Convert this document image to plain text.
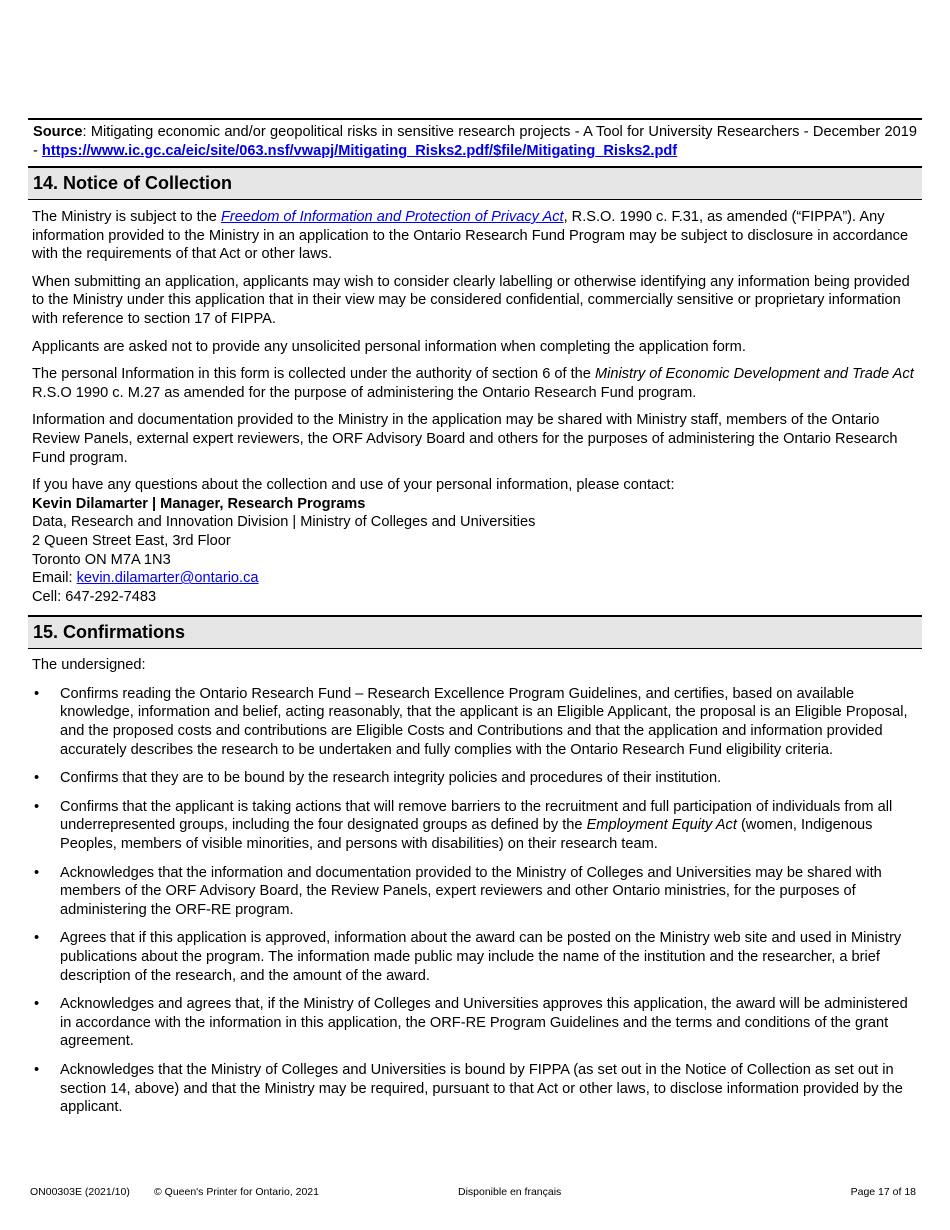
Source: Mitigating economic and/or geopolitical risks in sensitive research projects - A Tool for University Researchers - December 2019 - https://www.ic.gc.ca/eic/site/063.nsf/vwapj/Mitigating_Risks2.pdf/$file/Mitigating_Risks2.pdf
14. Notice of Collection
The Ministry is subject to the Freedom of Information and Protection of Privacy Act, R.S.O. 1990 c. F.31, as amended (“FIPPA”). Any information provided to the Ministry in an application to the Ontario Research Fund Program may be subject to disclosure in accordance with the requirements of that Act or other laws.
When submitting an application, applicants may wish to consider clearly labelling or otherwise identifying any information being provided to the Ministry under this application that in their view may be considered confidential, commercially sensitive or proprietary information with reference to section 17 of FIPPA.
Applicants are asked not to provide any unsolicited personal information when completing the application form.
The personal Information in this form is collected under the authority of section 6 of the Ministry of Economic Development and Trade Act R.S.O 1990 c. M.27 as amended for the purpose of administering the Ontario Research Fund program.
Information and documentation provided to the Ministry in the application may be shared with Ministry staff, members of the Ontario Review Panels, external expert reviewers, the ORF Advisory Board and others for the purposes of administering the Ontario Research Fund program.
If you have any questions about the collection and use of your personal information, please contact:
Kevin Dilamarter | Manager, Research Programs
Data, Research and Innovation Division | Ministry of Colleges and Universities
2 Queen Street East, 3rd Floor
Toronto ON M7A 1N3
Email: kevin.dilamarter@ontario.ca
Cell: 647-292-7483
15. Confirmations
The undersigned:
• Confirms reading the Ontario Research Fund – Research Excellence Program Guidelines, and certifies, based on available knowledge, information and belief, acting reasonably, that the applicant is an Eligible Applicant, the proposal is an Eligible Proposal, and the proposed costs and contributions are Eligible Costs and Contributions and that the application and information provided accurately describes the research to be undertaken and fully complies with the Ontario Research Fund eligibility criteria.
• Confirms that they are to be bound by the research integrity policies and procedures of their institution.
• Confirms that the applicant is taking actions that will remove barriers to the recruitment and full participation of individuals from all underrepresented groups, including the four designated groups as defined by the Employment Equity Act (women, Indigenous Peoples, members of visible minorities, and persons with disabilities) on their research team.
• Acknowledges that the information and documentation provided to the Ministry of Colleges and Universities may be shared with members of the ORF Advisory Board, the Review Panels, expert reviewers and other Ontario ministries, for the purposes of administering the ORF-RE program.
• Agrees that if this application is approved, information about the award can be posted on the Ministry web site and used in Ministry publications about the program. The information made public may include the name of the institution and the researcher, a brief description of the research, and the amount of the award.
• Acknowledges and agrees that, if the Ministry of Colleges and Universities approves this application, the award will be administered in accordance with the information in this application, the ORF-RE Program Guidelines and the terms and conditions of the grant agreement.
• Acknowledges that the Ministry of Colleges and Universities is bound by FIPPA (as set out in the Notice of Collection as set out in section 14, above) and that the Ministry may be required, pursuant to that Act or other laws, to disclose information provided by the applicant.
ON00303E (2021/10) © Queen's Printer for Ontario, 2021	Disponible en français	Page 17 of 18
